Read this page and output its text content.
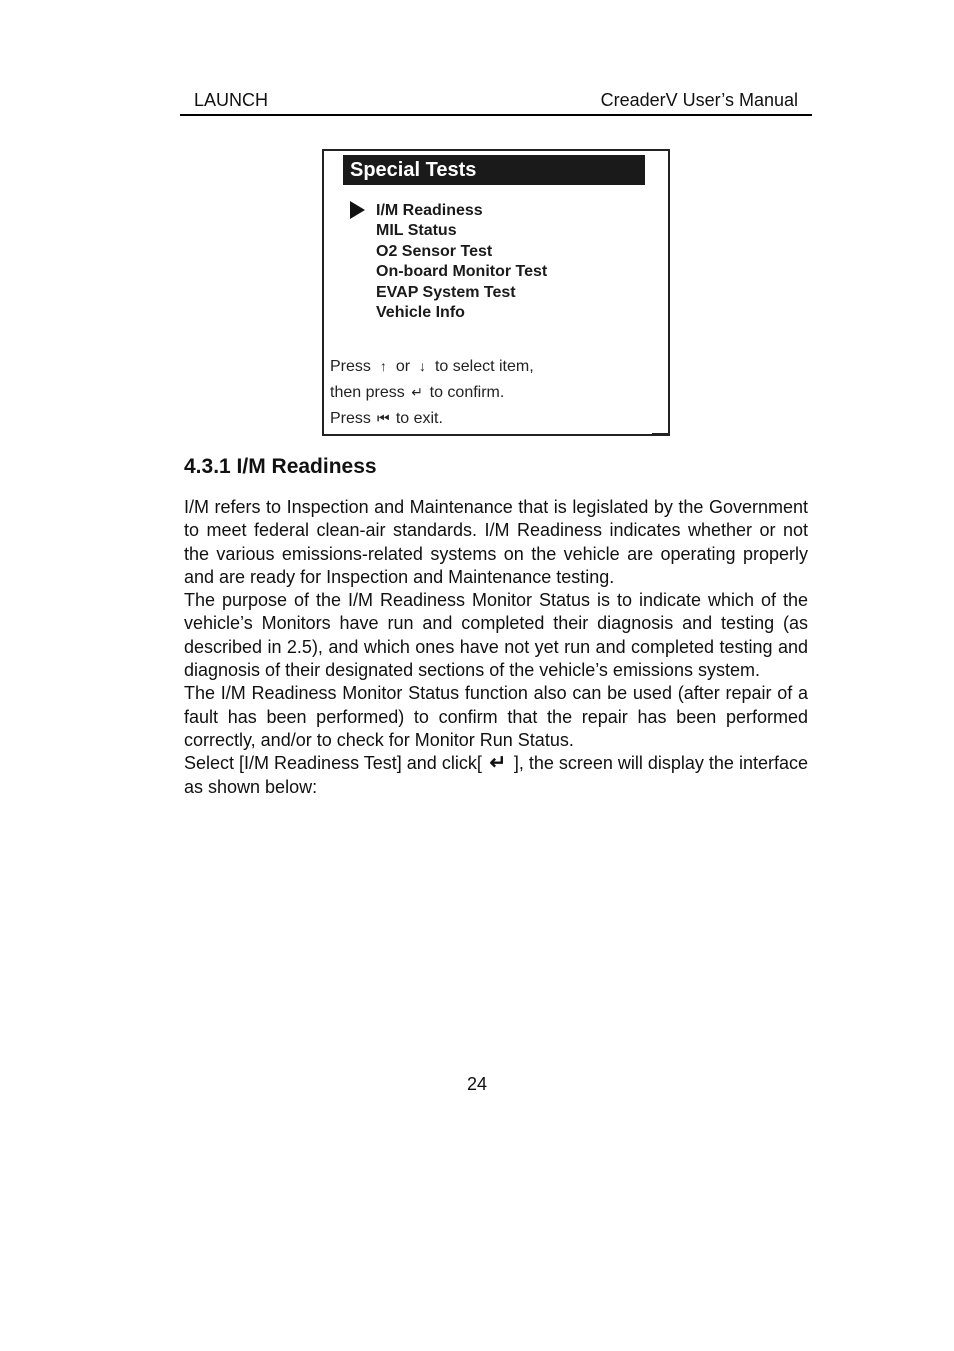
LAUNCH	CreaderV User’s Manual
Special Tests
I/M Readiness
MIL Status
O2 Sensor Test
On-board Monitor Test
EVAP System Test
Vehicle Info
Press ↑ or ↓ to select item,
then press ↵ to confirm.
Press ⏮ to exit.
4.3.1 I/M Readiness

I/M refers to Inspection and Maintenance that is legislated by the Government to meet federal clean-air standards. I/M Readiness indicates whether or not the various emissions-related systems on the vehicle are operating properly and are ready for Inspection and Maintenance testing.

The purpose of the I/M Readiness Monitor Status is to indicate which of the vehicle’s Monitors have run and completed their diagnosis and testing (as described in 2.5), and which ones have not yet run and completed testing and diagnosis of their designated sections of the vehicle’s emissions system.

The I/M Readiness Monitor Status function also can be used (after repair of a fault has been performed) to confirm that the repair has been performed correctly, and/or to check for Monitor Run Status.

Select [I/M Readiness Test] and click[ ↵ ], the screen will display the interface as shown below:

24
